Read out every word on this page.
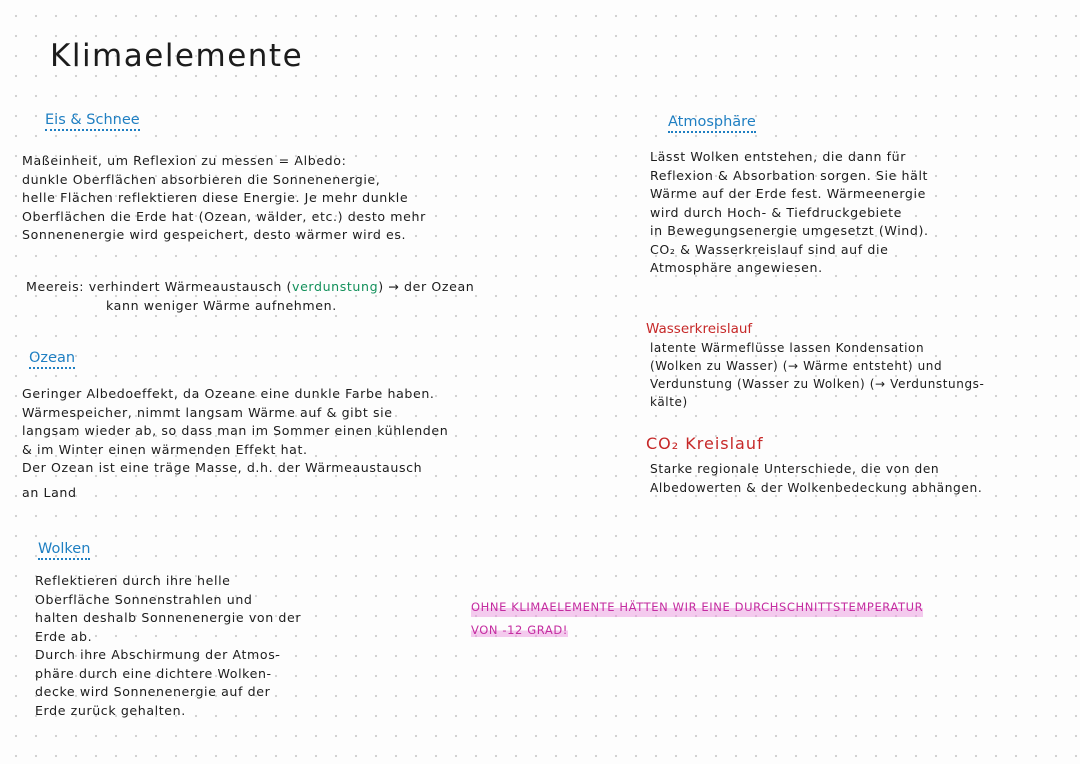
Klimaelemente
Eis & Schnee
Maßeinheit, um Reflexion zu messen = Albedo:
dunkle Oberflächen absorbieren die Sonnenenergie,
helle Flächen reflektieren diese Energie. Je mehr dunkle
Oberflächen die Erde hat (Ozean, wälder, etc.) desto mehr
Sonnenenergie wird gespeichert, desto wärmer wird es.
Meereis: verhindert Wärmeaustausch (verdunstung) → der Ozean
kann weniger Wärme aufnehmen.
Ozean
Geringer Albedoeffekt, da Ozeane eine dunkle Farbe haben.
Wärmespeicher, nimmt langsam Wärme auf & gibt sie
langsam wieder ab, so dass man im Sommer einen kühlenden
& im Winter einen wärmenden Effekt hat.
Der Ozean ist eine träge Masse, d.h. der Wärmeaustausch
an Land
Wolken
Reflektieren durch ihre helle
Oberfläche Sonnenstrahlen und
halten deshalb Sonnenenergie von der
Erde ab.
Durch ihre Abschirmung der Atmos-
phäre durch eine dichtere Wolken-
decke wird Sonnenenergie auf der
Erde zurück gehalten.
Atmosphäre
Lässt Wolken entstehen, die dann für
Reflexion & Absorbation sorgen. Sie hält
Wärme auf der Erde fest. Wärmeenergie
wird durch Hoch- & Tiefdruckgebiete
in Bewegungsenergie umgesetzt (Wind).
CO₂ & Wasserkreislauf sind auf die
Atmosphäre angewiesen.
Wasserkreislauf
latente Wärmeflüsse lassen Kondensation
(Wolken zu Wasser) (→ Wärme entsteht) und
Verdunstung (Wasser zu Wolken) (→ Verdunstungs-
kälte)
CO₂ Kreislauf
Starke regionale Unterschiede, die von den
Albedowerten & der Wolkenbedeckung abhängen.
OHNE KLIMAELEMENTE HÄTTEN WIR EINE DURCHSCHNITTSTEMPERATUR
VON -12 GRAD!
